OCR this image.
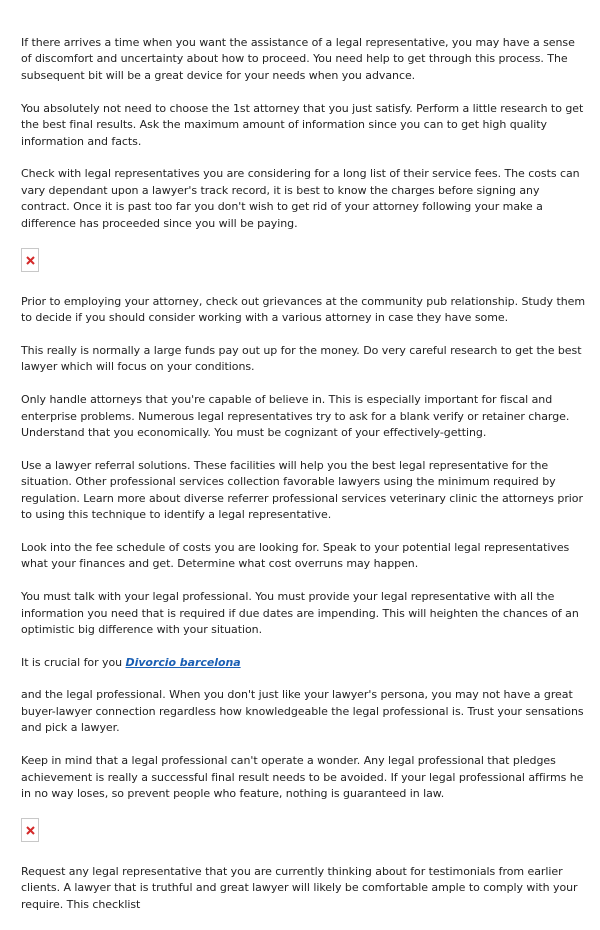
If there arrives a time when you want the assistance of a legal representative, you may have a sense of discomfort and uncertainty about how to proceed. You need help to get through this process. The subsequent bit will be a great device for your needs when you advance.

You absolutely not need to choose the 1st attorney that you just satisfy. Perform a little research to get the best final results. Ask the maximum amount of information since you can to get high quality information and facts.

Check with legal representatives you are considering for a long list of their service fees. The costs can vary dependant upon a lawyer's track record, it is best to know the charges before signing any contract. Once it is past too far you don't wish to get rid of your attorney following your make a difference has proceeded since you will be paying.

Prior to employing your attorney, check out grievances at the community pub relationship. Study them to decide if you should consider working with a various attorney in case they have some.

This really is normally a large funds pay out up for the money. Do very careful research to get the best lawyer which will focus on your conditions.

Only handle attorneys that you're capable of believe in. This is especially important for fiscal and enterprise problems. Numerous legal representatives try to ask for a blank verify or retainer charge. Understand that you economically. You must be cognizant of your effectively-getting.

Use a lawyer referral solutions. These facilities will help you the best legal representative for the situation. Other professional services collection favorable lawyers using the minimum required by regulation. Learn more about diverse referrer professional services veterinary clinic the attorneys prior to using this technique to identify a legal representative.

Look into the fee schedule of costs you are looking for. Speak to your potential legal representatives what your finances and get. Determine what cost overruns may happen.

You must talk with your legal professional. You must provide your legal representative with all the information you need that is required if due dates are impending. This will heighten the chances of an optimistic big difference with your situation.

It is crucial for you Divorcio barcelona

and the legal professional. When you don't just like your lawyer's persona, you may not have a great buyer-lawyer connection regardless how knowledgeable the legal professional is. Trust your sensations and pick a lawyer.

Keep in mind that a legal professional can't operate a wonder. Any legal professional that pledges achievement is really a successful final result needs to be avoided. If your legal professional affirms he in no way loses, so prevent people who feature, nothing is guaranteed in law.

Request any legal representative that you are currently thinking about for testimonials from earlier clients. A lawyer that is truthful and great lawyer will likely be comfortable ample to comply with your require. This checklist
